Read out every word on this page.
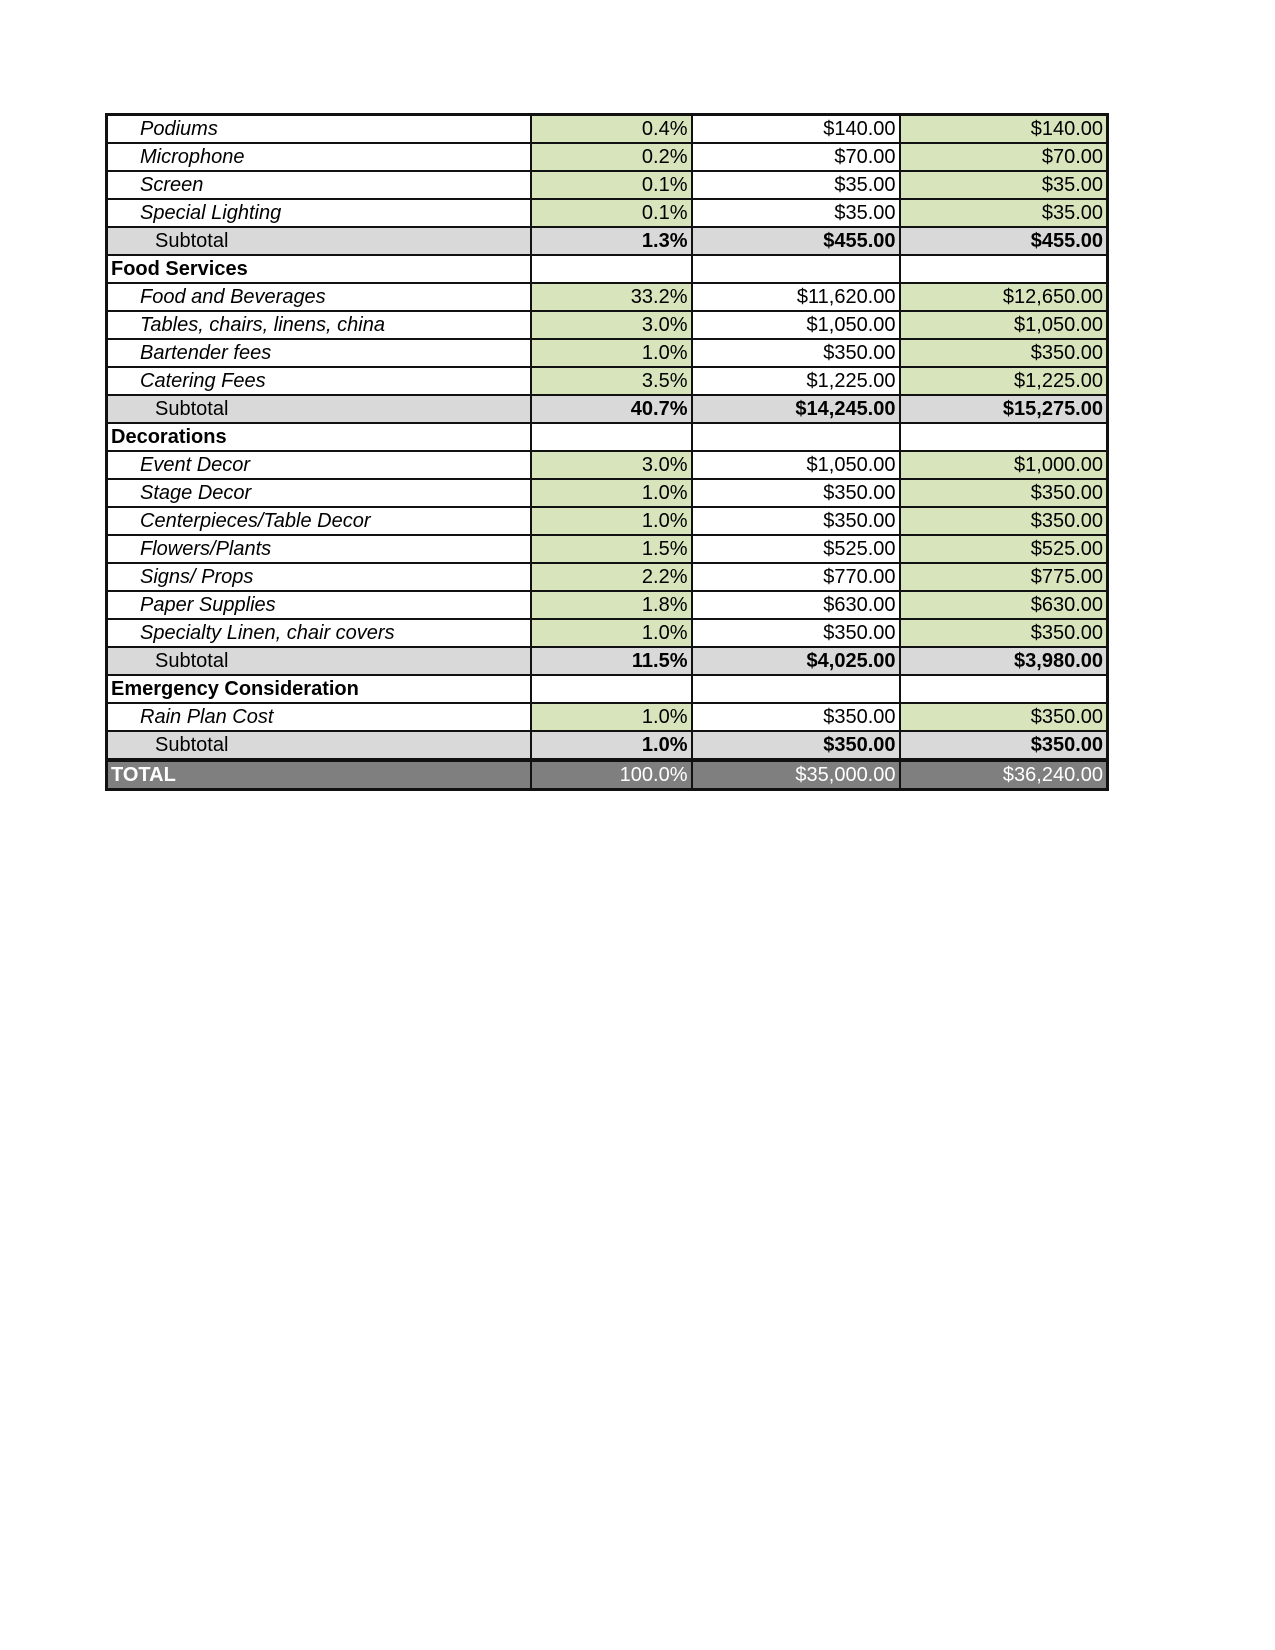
Podiums	0.4%	$140.00	$140.00
Microphone	0.2%	$70.00	$70.00
Screen	0.1%	$35.00	$35.00
Special Lighting	0.1%	$35.00	$35.00
Subtotal	1.3%	$455.00	$455.00
Food Services			
Food and Beverages	33.2%	$11,620.00	$12,650.00
Tables, chairs, linens, china	3.0%	$1,050.00	$1,050.00
Bartender fees	1.0%	$350.00	$350.00
Catering Fees	3.5%	$1,225.00	$1,225.00
Subtotal	40.7%	$14,245.00	$15,275.00
Decorations			
Event Decor	3.0%	$1,050.00	$1,000.00
Stage Decor	1.0%	$350.00	$350.00
Centerpieces/Table Decor	1.0%	$350.00	$350.00
Flowers/Plants	1.5%	$525.00	$525.00
Signs/ Props	2.2%	$770.00	$775.00
Paper Supplies	1.8%	$630.00	$630.00
Specialty Linen, chair covers	1.0%	$350.00	$350.00
Subtotal	11.5%	$4,025.00	$3,980.00
Emergency Consideration			
Rain Plan Cost	1.0%	$350.00	$350.00
Subtotal	1.0%	$350.00	$350.00
TOTAL	100.0%	$35,000.00	$36,240.00
